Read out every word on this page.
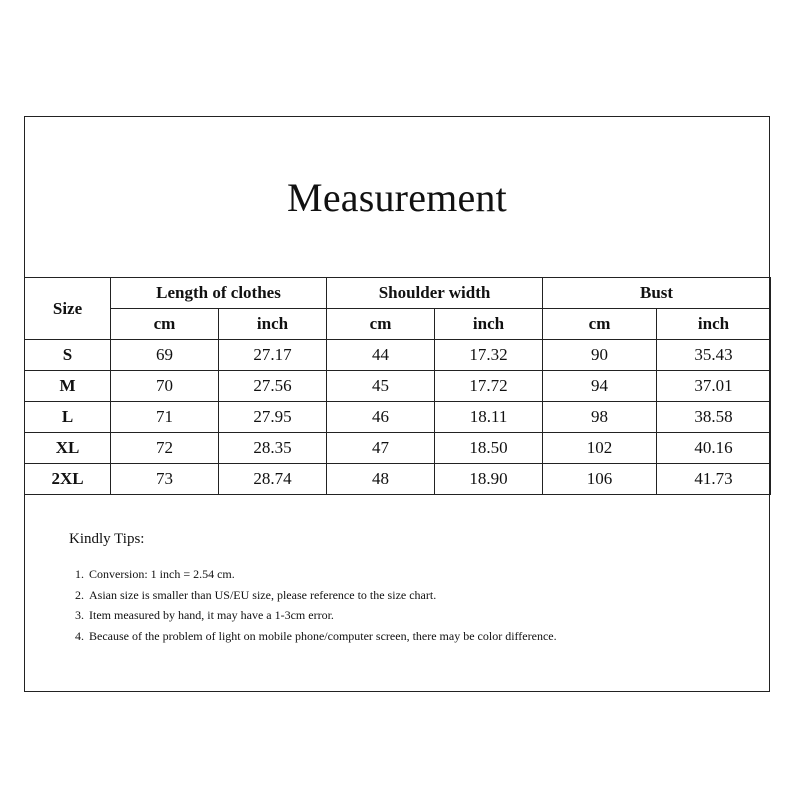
Measurement
Size	Length of clothes		Shoulder width		Bust	
	cm	inch	cm	inch	cm	inch
S	69	27.17	44	17.32	90	35.43
M	70	27.56	45	17.72	94	37.01
L	71	27.95	46	18.11	98	38.58
XL	72	28.35	47	18.50	102	40.16
2XL	73	28.74	48	18.90	106	41.73
Kindly Tips:
1. Conversion: 1 inch = 2.54 cm.
2. Asian size is smaller than US/EU size, please reference to the size chart.
3. Item measured by hand, it may have a 1-3cm error.
4. Because of the problem of light on mobile phone/computer screen, there may be color difference.
